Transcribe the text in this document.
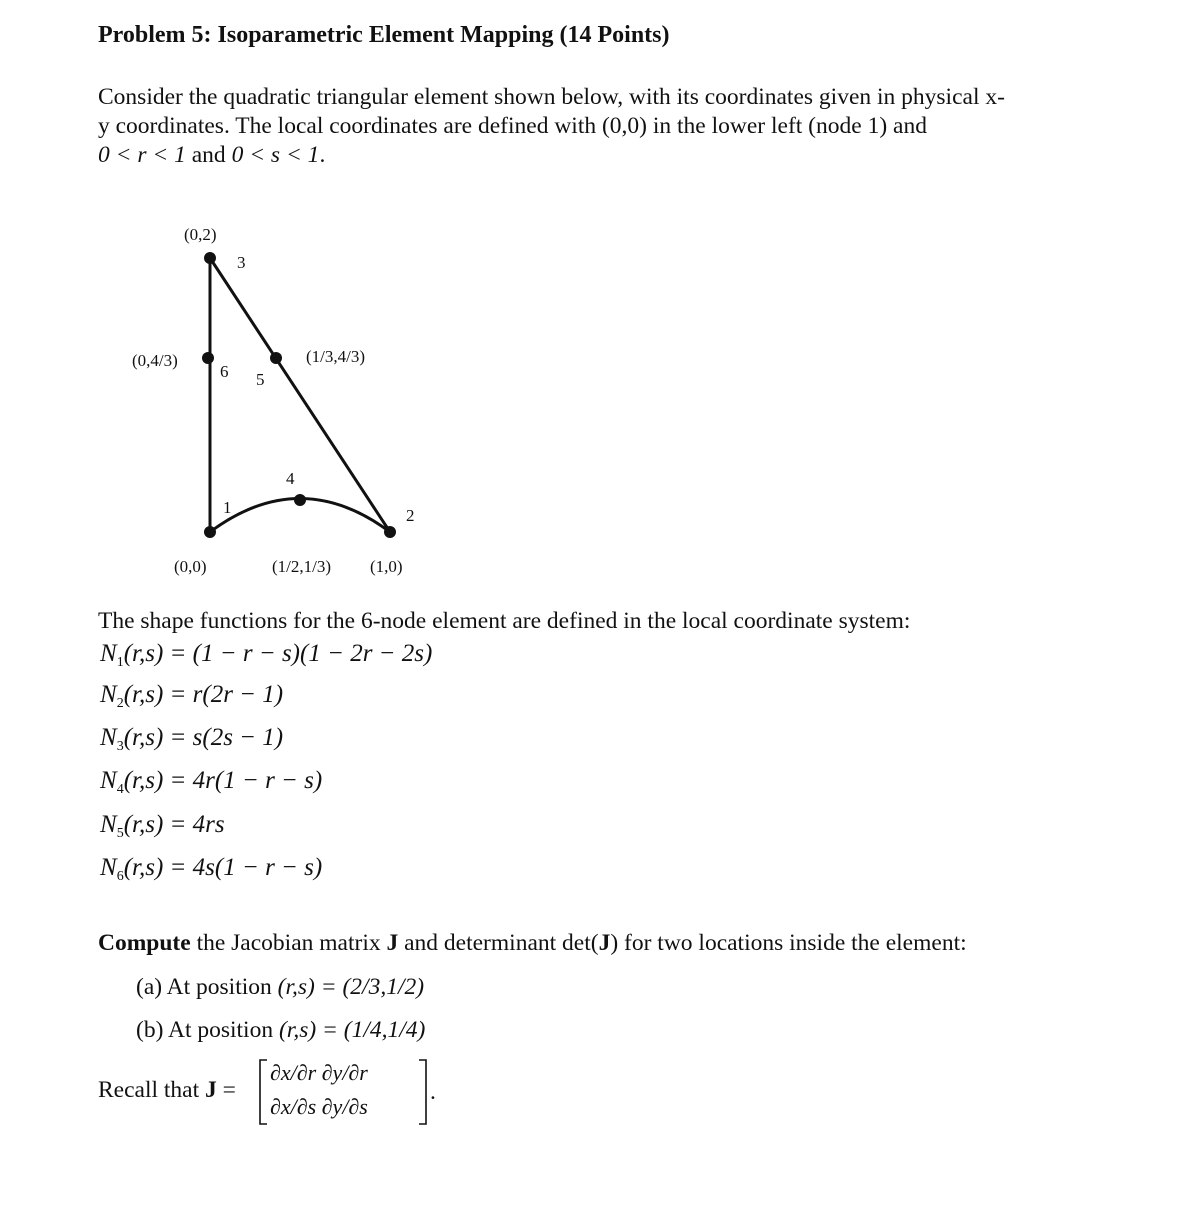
Problem 5: Isoparametric Element Mapping (14 Points)
Consider the quadratic triangular element shown below, with its coordinates given in physical x-
y coordinates. The local coordinates are defined with (0,0) in the lower left (node 1) and
0 < r < 1 and 0 < s < 1.
1	2
3
4
5
6
(0,0)	(1,0)
(0,2)
(1/2,1/3)
(1/3,4/3)
(0,4/3)
The shape functions for the 6-node element are defined in the local coordinate system:
$N_1(r,s) = (1 - r - s)(1 - 2r - 2s)$
$N_2(r,s) = r(2r - 1)$
$N_3(r,s) = s(2s - 1)$
$N_4(r,s) = 4r(1 - r - s)$
$N_5(r,s) = 4rs$
$N_6(r,s) = 4s(1 - r - s)$
Compute the Jacobian matrix J and determinant det(J) for two locations inside the element:
(a) At position (r,s) = (2/3,1/2)
(b) At position (r,s) = (1/4,1/4)
Recall that J =
∂x/∂r ∂y/∂r
∂x/∂s ∂y/∂s
.
